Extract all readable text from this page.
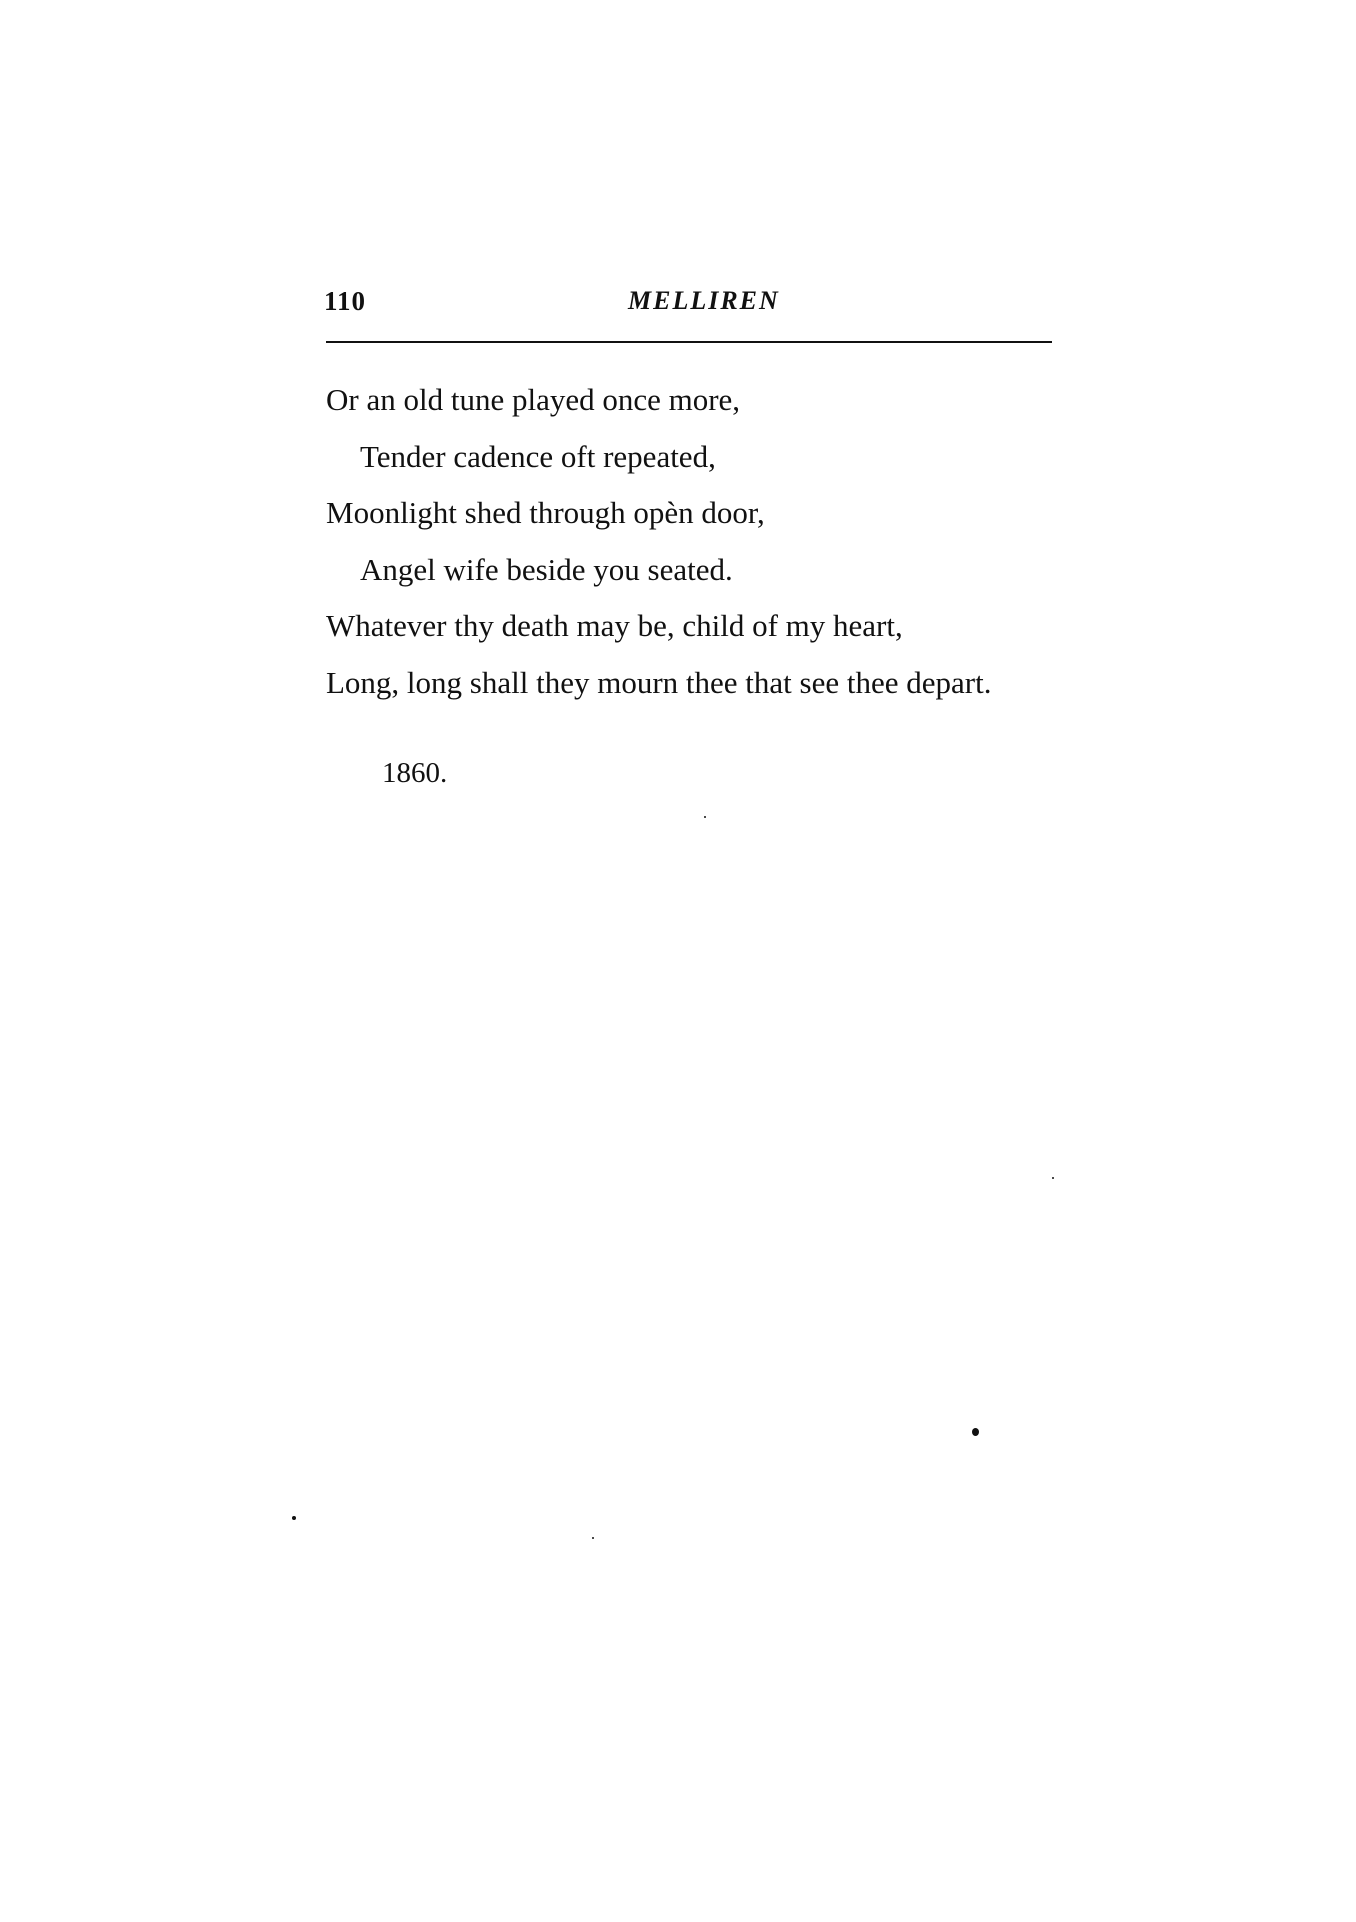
110	MELLIREN
Or an old tune played once more,
Tender cadence oft repeated,
Moonlight shed through opèn door,
Angel wife beside you seated.
Whatever thy death may be, child of my heart,
Long, long shall they mourn thee that see thee depart.
1860.
